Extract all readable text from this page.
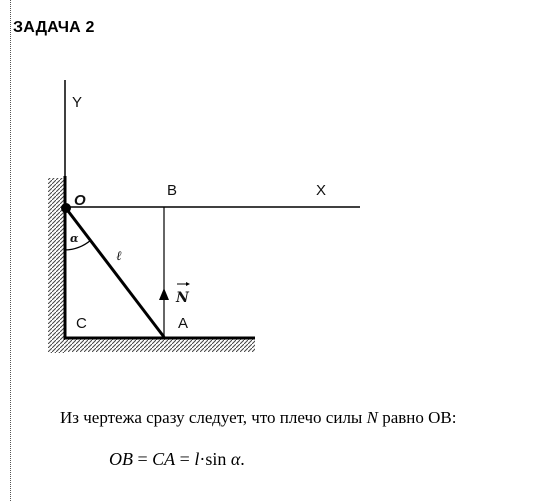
ЗАДАЧА 2
Y
X
O
B
C	A
N
ℓ
α
Из чертежа сразу следует, что плечо силы N равно ОВ:
OB = CA = l·sin α.
